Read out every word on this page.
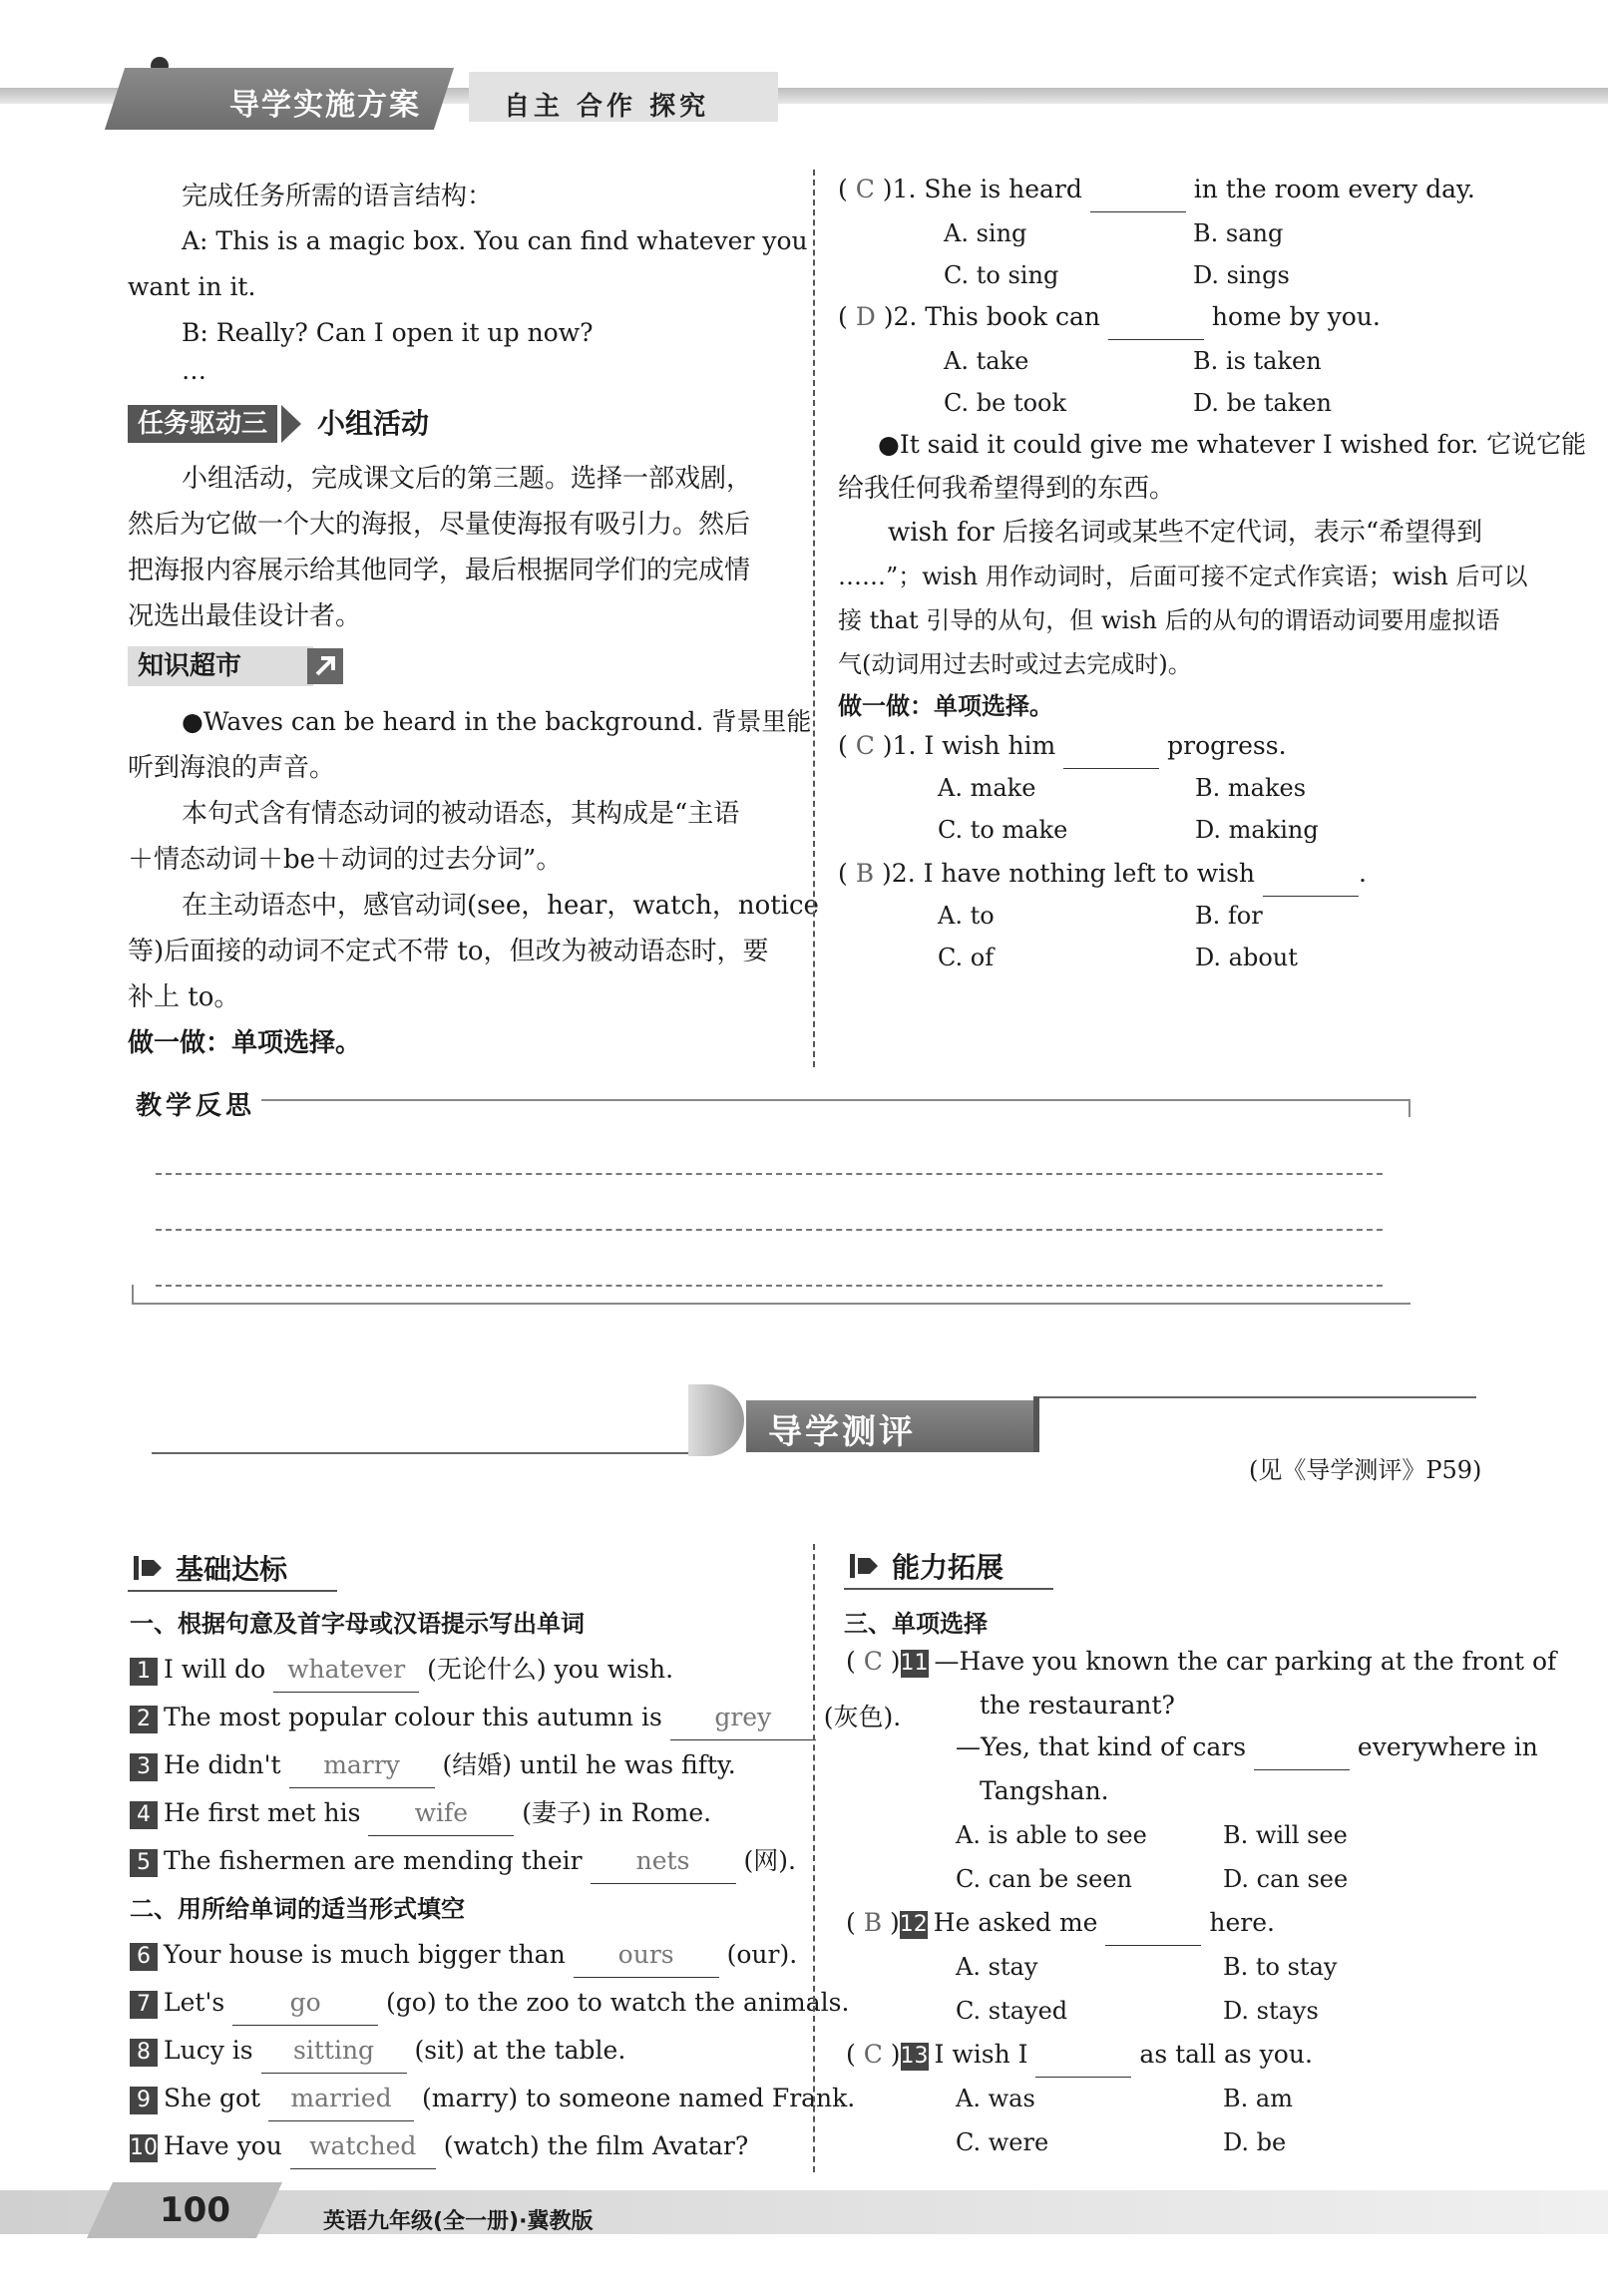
导学实施方案	自主 合作 探究
完成任务所需的语言结构：
A: This is a magic box. You can find whatever you
want in it.
B: Really? Can I open it up now?
…
任务驱动三	小组活动
小组活动，完成课文后的第三题。选择一部戏剧，
然后为它做一个大的海报，尽量使海报有吸引力。然后
把海报内容展示给其他同学，最后根据同学们的完成情
况选出最佳设计者。
知识超市
●Waves can be heard in the background. 背景里能
听到海浪的声音。
本句式含有情态动词的被动语态，其构成是“主语
＋情态动词＋be＋动词的过去分词”。
在主动语态中，感官动词(see，hear，watch，notice
等)后面接的动词不定式不带 to，但改为被动语态时，要
补上 to。
做一做：单项选择。
( C )1. She is heard	in the room every day.
A. sing	B. sang
C. to sing	D. sings
( D )2. This book can	home by you.
A. take	B. is taken
C. be took	D. be taken
●It said it could give me whatever I wished for. 它说它能
给我任何我希望得到的东西。
wish for 后接名词或某些不定代词，表示“希望得到
……”；wish 用作动词时，后面可接不定式作宾语；wish 后可以
接 that 引导的从句，但 wish 后的从句的谓语动词要用虚拟语
气(动词用过去时或过去完成时)。
做一做：单项选择。
( C )1. I wish him	progress.
A. make	B. makes
C. to make	D. making
( B )2. I have nothing left to wish	.
A. to	B. for
C. of	D. about
教学反思
导学测评
(见《导学测评》P59)
基础达标
一、根据句意及首字母或汉语提示写出单词
1 I will do whatever (无论什么) you wish.
2 The most popular colour this autumn is grey (灰色).
3 He didn't marry (结婚) until he was fifty.
4 He first met his wife (妻子) in Rome.
5 The fishermen are mending their nets (网).
二、用所给单词的适当形式填空
6 Your house is much bigger than ours (our).
7 Let's go (go) to the zoo to watch the animals.
8 Lucy is sitting (sit) at the table.
9 She got married (marry) to someone named Frank.
10 Have you watched (watch) the film Avatar?
能力拓展
三、单项选择
( C )11 —Have you known the car parking at the front of
the restaurant?
—Yes, that kind of cars	everywhere in
Tangshan.
A. is able to see	B. will see
C. can be seen	D. can see
( B )12 He asked me	here.
A. stay	B. to stay
C. stayed	D. stays
( C )13 I wish I	as tall as you.
A. was	B. am
C. were	D. be
100	英语九年级(全一册)·冀教版
